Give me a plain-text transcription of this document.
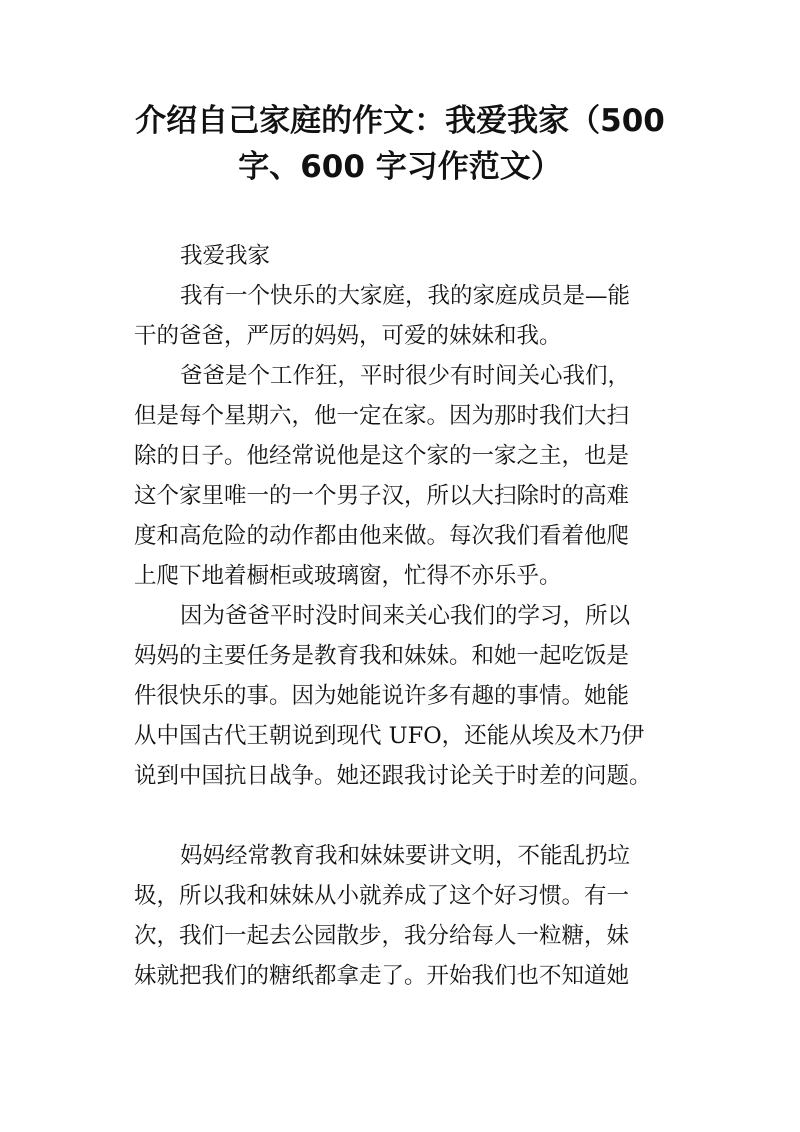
介绍自己家庭的作文：我爱我家（500
字、600 字习作范文）

我爱我家

我有一个快乐的大家庭，我的家庭成员是—能
干的爸爸，严厉的妈妈，可爱的妹妹和我。

爸爸是个工作狂，平时很少有时间关心我们，
但是每个星期六，他一定在家。因为那时我们大扫
除的日子。他经常说他是这个家的一家之主，也是
这个家里唯一的一个男子汉，所以大扫除时的高难
度和高危险的动作都由他来做。每次我们看着他爬
上爬下地着橱柜或玻璃窗，忙得不亦乐乎。

因为爸爸平时没时间来关心我们的学习，所以
妈妈的主要任务是教育我和妹妹。和她一起吃饭是
件很快乐的事。因为她能说许多有趣的事情。她能
从中国古代王朝说到现代 UFO，还能从埃及木乃伊
说到中国抗日战争。她还跟我讨论关于时差的问题。

妈妈经常教育我和妹妹要讲文明，不能乱扔垃
圾，所以我和妹妹从小就养成了这个好习惯。有一
次，我们一起去公园散步，我分给每人一粒糖，妹
妹就把我们的糖纸都拿走了。开始我们也不知道她
